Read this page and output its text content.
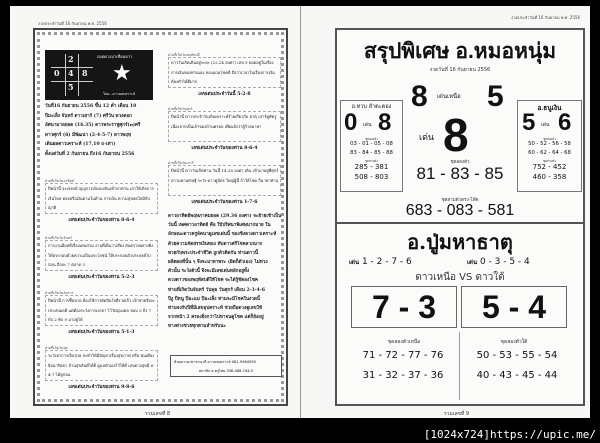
งวดประจำวันที่ 16 กันยายน พ.ศ. 2556
2
0 4 8
5
ถอดดวงมาเชื่อมดาว
★
โดย...ดาวนพเคราะห์
วันที่16 กันยายน 2556 ขึ้น 12 ค่ำ เดือน 10
ปีมะเส็ง จันทร์ ดาวเสาร์ (7) ศรีวัน พวงดอก
อัศนามาลยอด (16.35) ดาวพระราหูศุกร์(๓)ศรี
ดาวศุกร์ (6) มีพัฒนา (2-4-5-7) ดาวพฤหฺ
เดินผลดาวเคราะห์ (17.10 ถ-เท่า)
ตั้งแต่วันที่ 2 กันยายน ถึง16 กันยายน 2556
ฝ่ายที่เกิดวันอาทิตย์
ปีหน้านี้ จะเร่งหน้าบุญการเงินจะเดินเข้าหาท่าน เล่าให้เกิดการเงินไหล ทองหรือเงินตามในด้าน การเงิน ความสุขสดใสมีกับญาติ
เลขเด่นประจำวันของท่าน 8-6-4
ฝ่ายที่เกิดวันจันทร์
การงานมีผลดีเรื่องเด่นส่วน งานที่เห็นว่าเสี่ยง อันตรายอย่างยิ่ง ให้ประกอบด้วยความเป็นประโยชน์ ให้ประกอบตัวประสงค์ไปก่อน ถือจะ 7 ตลาด 3
เลขเด่นประจำวันของท่าน 5-2-3
ฝ่ายที่เกิดวันอังคาร
ปีหน้านี้ การซื้อขาย ต้องใช้การตัดสินใจที่รวดเร็ว เข้าช่วยจึงจะประสบผลดี แต่ต้องระวังการเจรจา ไว้วัตถุมงคล ขอบ 5 ถึง 7 กับ 2 ทับ 9 มาอยู่ได้
เลขเด่นประจำวันของท่าน 5-1-3
ฝ่ายที่เกิดวันพุธ
ระวังอาการเจ็บป่วย จะทำให้มีปัญหาเรื่องสุขภาพ หรือ ขุ่นเคือง อิจฉาริษยา บ้านสุขสันต์ได้ดี ดูแลตัวเองไว้ให้ดี เลขดวงสุขมี 6-4-7 ได้ดูก่อน
เลขเด่นประจำวันของท่าน 9-8-6
ฝ่ายที่เกิดวันพฤหัสบดี
ดาววันเกิดเดินอยู่ระยะ (22.24 องศา) เลข 5 ยอดอยู่ในเรื่องการเงินของท่านเอง ของแถมโชคดี ถือว่าเวลาในเรื่องการเงินต้องทำได้ดีมาก
เลขเด่นประจำวันนี้ 5-2-8
ฝ่ายที่เกิดวันศุกร์
ปีหน้านี้ ดาวประจำวันเกิดเคราะห์ร้ายเกี่ยวกับ ธาตุ เสาร์คู่ศัตรู เนื่องจากเป็นเจ้าของบ้านครอบ เพื่อแจ้งว่าผู้ร้ายมาหา
เลขเด่นประจำวันของท่าน 8-6-4
ฝ่ายที่เกิดวันเสาร์
ปีหน้านี้ ดาววันเกิดท่าน วันนี้ 14.28 องศา เดิน เข้ามาอยู่ที่ศุกร์ ดาวมหาเศรษฐี ระวัง ดาวคู่มิตร ใหญ่ผู้นี้ ถ้าให้โชค ก็มาหาท่าน
เลขเด่นประจำวันของท่าน 1-7-6
ดาวอาทิตย์พฤษภาคมยอด (29.36 องศา) จะย้ายเข้าเป็น
วันนี้ เพศดาวอาทิตย์ คือ ใบ้ปริศนาพิเศษมากมาย ใน
ลักษณะดาวครูลัคนาดูเลขเด่นนี้ ของชิงดวงดาวเคราะห์
ด้วยความจัดสรรเงินทอง ทับดาวศรีโชคลาภมาก
หวยกับพระประจำชีวิต ถูกตัวติดกัน ท่านดาวนี้
ผลิตผลที่นั้น ๆ จึงจะมาหาพระ (ผิดก็ตัวเอง) ไม่ห่วง
ตัวนั้น ระวังตัวนี้ จึงจะมีเลขเด่นหลักอยู่ทั้ง
ดวงดาวของพฤหัสบดีให้โชค จะได้รู้ชัดลงโชค
ท่านที่เกิดวันจันทร์ วันพุธ วันศุกร์ เดือน 2-3-4-6
ปีงู ปีหนู ปีมะแม ปีมะเส็ง ท่านจะมีโชคในงวดนี้
ท่านจงรับปีที่มีเลขอุปคราะห์ ช่วยถือดวงดูเลขให้
จากหน้า 2 ครองยิ่งกว่าไปหาจนดูโชค แต่ก็ยังอยู่
ทางต่างช่วยทุกตามสำหรับนะ
ด้วยความปรารถนาดี ดาวนพเคราะห์ 081-9464590
สมาชิก ส.ครูไทย 338-488-744-5
รวมเลขที่ 8
งวดประจำวันที่ 16 กันยายน พ.ศ. 2556
สรุปพิเศษ อ.หมอหนุ่ม
งวดวันที่ 16 กันยายน 2556
8 เด่นเหนือ 5
เด่น 8
ชุดสองตัว
81 - 83 - 85
อ.ทวบ ลำตะคอง
0 เด่น 8
ชุดสองตัว
03 - 01 - 05 - 08
83 - 84 - 85 - 88
ชุดสามตัว
285 - 381
508 - 803
อ.ธนูเงิน
5 เด่น 6
ชุดสองตัว
50 - 52 - 56 - 58
60 - 62 - 64 - 68
ชุดสามตัว
752 - 452
460 - 358
ชุดสามตัวตรง-โต๊ด
683 - 083 - 581
อ.ปู่มหาธาตุ
เด่น 1 - 2 - 7 - 6	เด่น 0 - 3 - 5 - 4
ดาวเหนือ VS ดาวใต้
7 - 3	5 - 4
ชุดสองตัวเหนือ	ชุดสองตัวใต้
71 - 72 - 77 - 76
31 - 32 - 37 - 36
50 - 53 - 55 - 54
40 - 43 - 45 - 44
รวมเลขที่ 9
[1024x724]https://upic.me/
